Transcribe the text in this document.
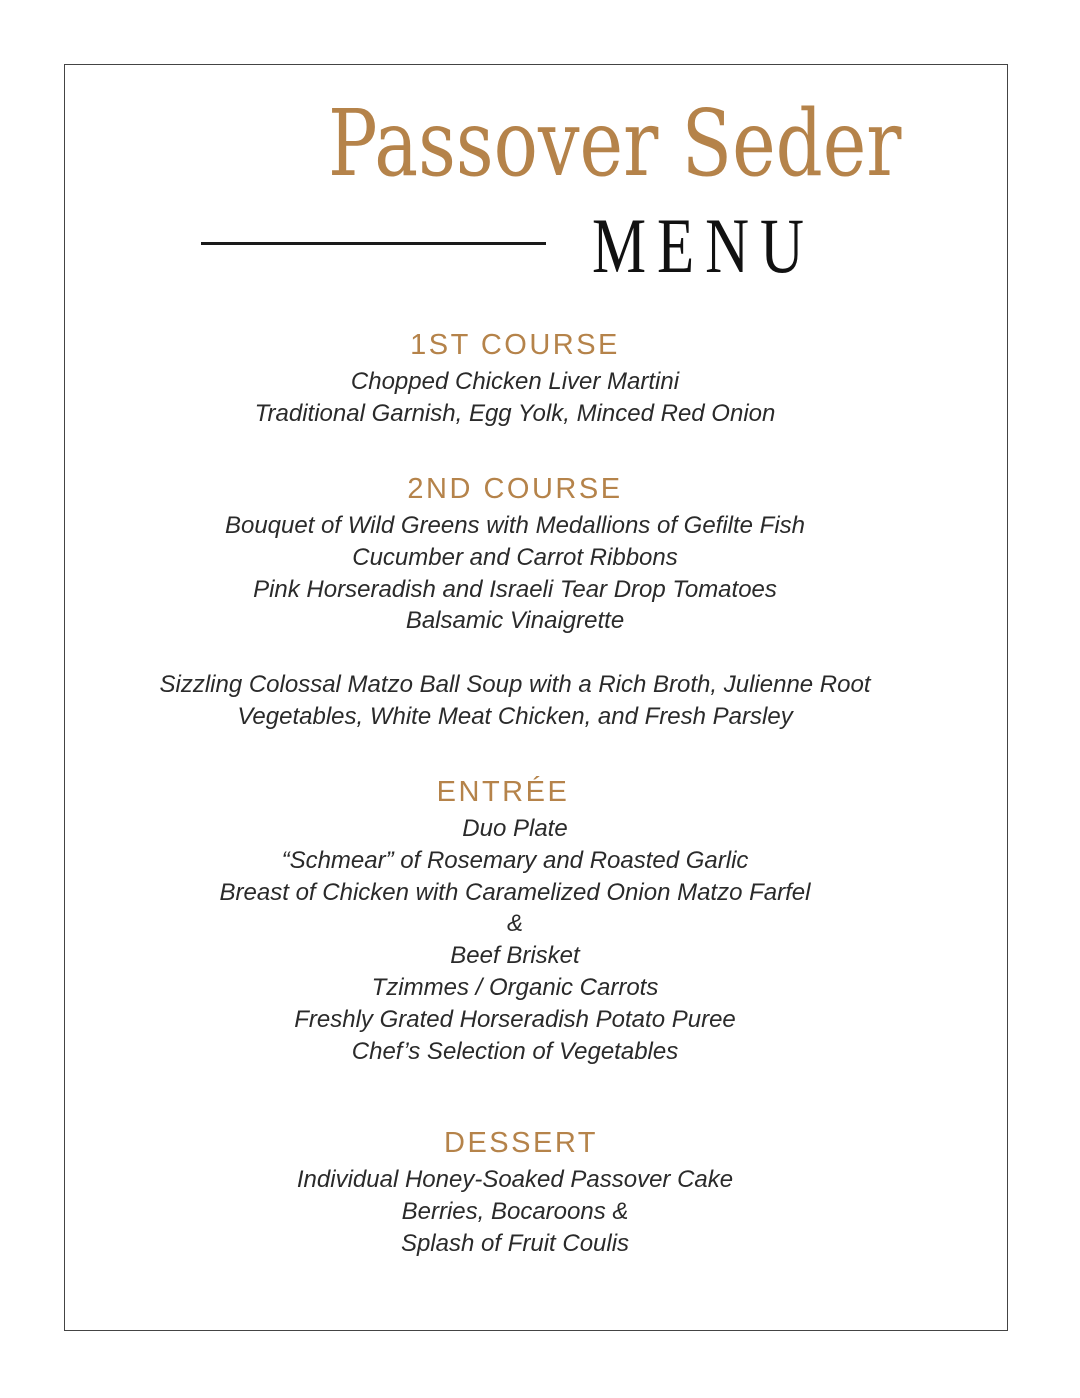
Passover Seder
MENU
1ST COURSE
Chopped Chicken Liver Martini
Traditional Garnish, Egg Yolk, Minced Red Onion
2ND COURSE
Bouquet of Wild Greens with Medallions of Gefilte Fish
Cucumber and Carrot Ribbons
Pink Horseradish and Israeli Tear Drop Tomatoes
Balsamic Vinaigrette
Sizzling Colossal Matzo Ball Soup with a Rich Broth, Julienne Root
Vegetables, White Meat Chicken, and Fresh Parsley
ENTRÉE
Duo Plate
“Schmear” of Rosemary and Roasted Garlic
Breast of Chicken with Caramelized Onion Matzo Farfel
&
Beef Brisket
Tzimmes / Organic Carrots
Freshly Grated Horseradish Potato Puree
Chef’s Selection of Vegetables
DESSERT
Individual Honey-Soaked Passover Cake
Berries, Bocaroons &
Splash of Fruit Coulis
